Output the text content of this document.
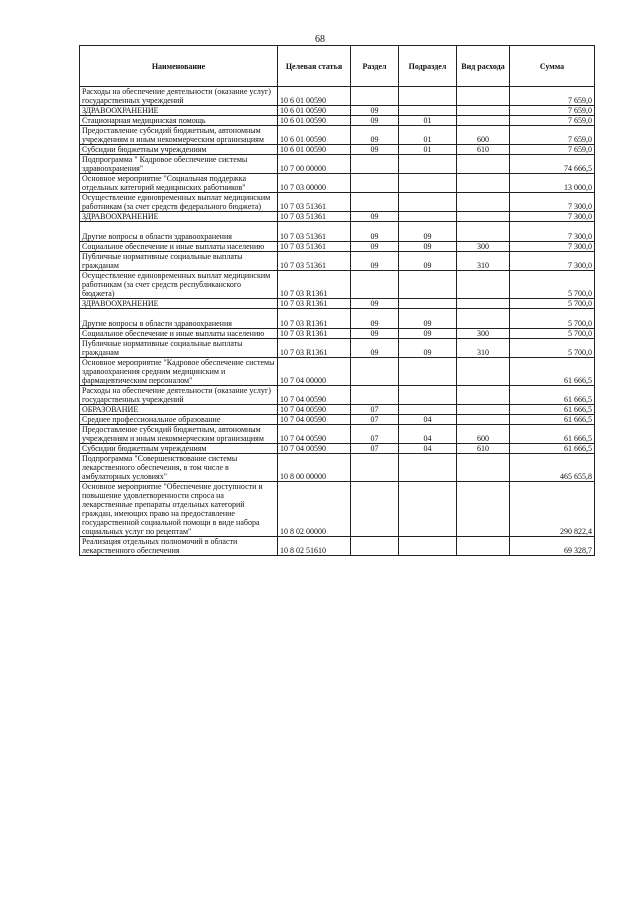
68
Наименование	Целевая статья	Раздел	Подраздел	Вид расхода	Сумма
Расходы на обеспечение деятельности (оказание услуг) государственных учреждений	10 6 01 00590				7 659,0
ЗДРАВООХРАНЕНИЕ	10 6 01 00590	09			7 659,0
Стационарная медицинская помощь	10 6 01 00590	09	01		7 659,0
Предоставление субсидий бюджетным, автономным учреждениям и иным некоммерческим организациям	10 6 01 00590	09	01	600	7 659,0
Субсидии бюджетным учреждениям	10 6 01 00590	09	01	610	7 659,0
Подпрограмма " Кадровое обеспечение системы здравоохранения"	10 7 00 00000				74 666,5
Основное мероприятие "Социальная поддержка отдельных категорий медицинских работников"	10 7 03 00000				13 000,0
Осуществление единовременных выплат медицинским работникам (за счет средств федерального бюджета)	10 7 03 51361				7 300,0
ЗДРАВООХРАНЕНИЕ	10 7 03 51361	09			7 300,0
Другие вопросы в области здравоохранения	10 7 03 51361	09	09		7 300,0
Социальное обеспечение и иные выплаты населению	10 7 03 51361	09	09	300	7 300,0
Публичные нормативные социальные выплаты гражданам	10 7 03 51361	09	09	310	7 300,0
Осуществление единовременных выплат медицинским работникам (за счет средств республиканского бюджета)	10 7 03 R1361				5 700,0
ЗДРАВООХРАНЕНИЕ	10 7 03 R1361	09			5 700,0
Другие вопросы в области здравоохранения	10 7 03 R1361	09	09		5 700,0
Социальное обеспечение и иные выплаты населению	10 7 03 R1361	09	09	300	5 700,0
Публичные нормативные социальные выплаты гражданам	10 7 03 R1361	09	09	310	5 700,0
Основное мероприятие "Кадровое обеспечение системы здравоохранения средним медицинским и фармацевтическим персоналом"	10 7 04 00000				61 666,5
Расходы на обеспечение деятельности (оказание услуг) государственных учреждений	10 7 04 00590				61 666,5
ОБРАЗОВАНИЕ	10 7 04 00590	07			61 666,5
Среднее профессиональное образование	10 7 04 00590	07	04		61 666,5
Предоставление субсидий бюджетным, автономным учреждениям и иным некоммерческим организациям	10 7 04 00590	07	04	600	61 666,5
Субсидии бюджетным учреждениям	10 7 04 00590	07	04	610	61 666,5
Подпрограмма "Совершенствование системы лекарственного обеспечения, в том числе в амбулаторных условиях"	10 8 00 00000				465 655,8
Основное мероприятие "Обеспечение доступности и повышение удовлетворенности спроса на лекарственные препараты отдельных категорий граждан, имеющих право на предоставление государственной социальной помощи в виде набора социальных услуг по рецептам"	10 8 02 00000				290 822,4
Реализация отдельных полномочий в области лекарственного обеспечения	10 8 02 51610				69 328,7
